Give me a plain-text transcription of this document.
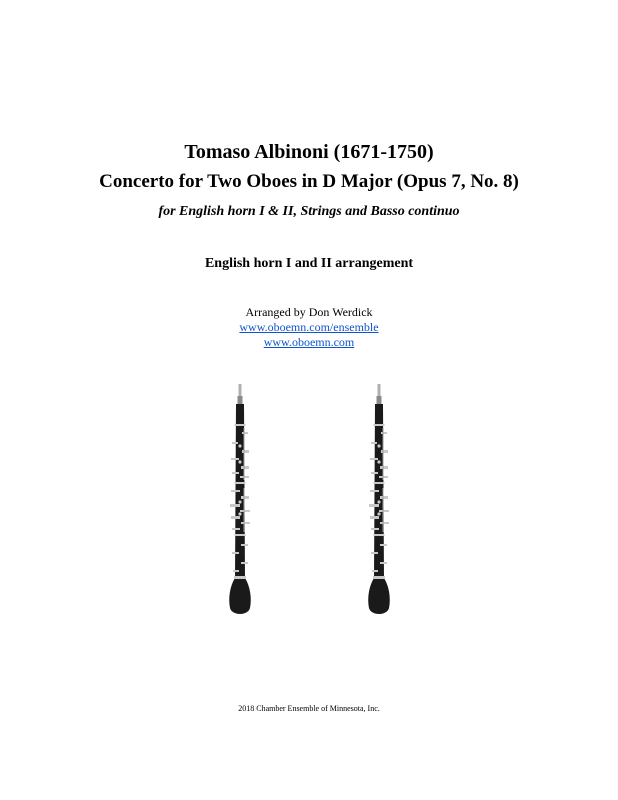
Tomaso Albinoni (1671-1750)
Concerto for Two Oboes in D Major (Opus 7, No. 8)
for English horn I & II, Strings and Basso continuo
English horn I and II arrangement
Arranged by Don Werdick
www.oboemn.com/ensemble
www.oboemn.com
2018 Chamber Ensemble of Minnesota, Inc.
